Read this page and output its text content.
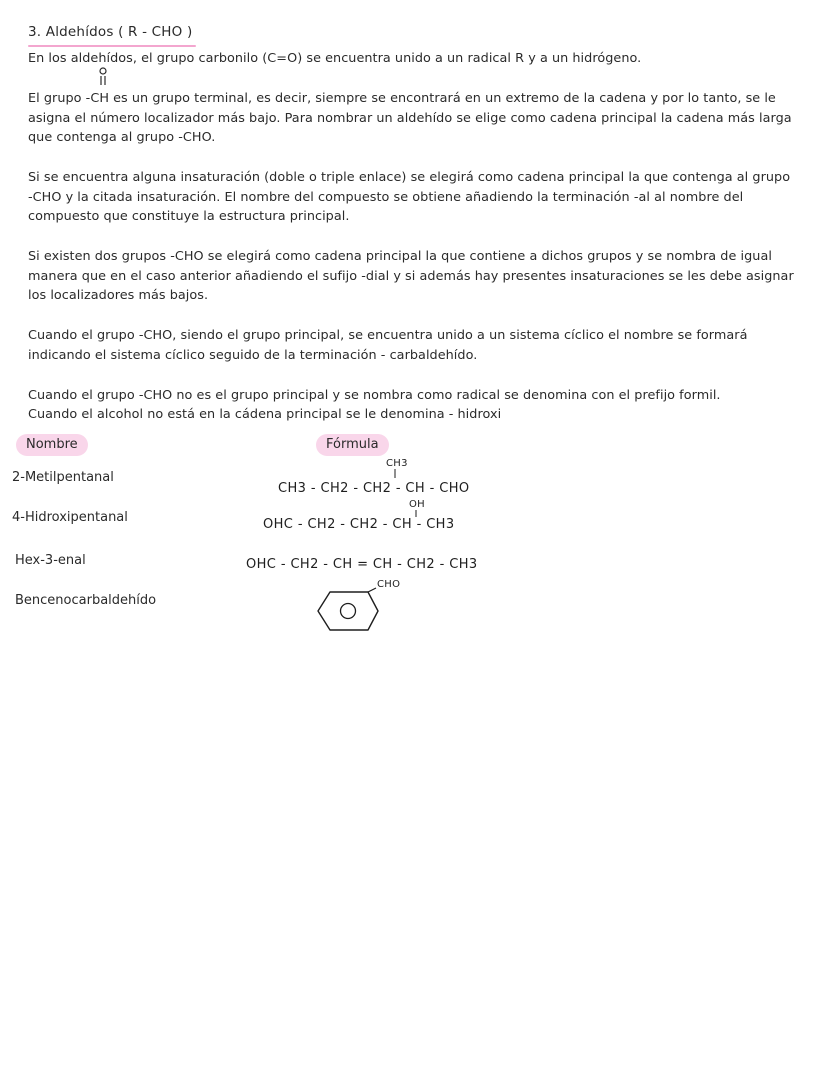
3. Aldehídos ( R - CHO )
En los aldehídos, el grupo carbonilo (C=O) se encuentra unido a un radical R y a un hidrógeno.
El grupo -CH es un grupo terminal, es decir, siempre se encontrará en un extremo de la cadena y por lo tanto, se le asigna el número localizador más bajo. Para nombrar un aldehído se elige como cadena principal la cadena más larga que contenga al grupo -CHO.
Si se encuentra alguna insaturación (doble o triple enlace) se elegirá como cadena principal la que contenga al grupo -CHO y la citada insaturación. El nombre del compuesto se obtiene añadiendo la terminación -al al nombre del compuesto que constituye la estructura principal.
Si existen dos grupos -CHO se elegirá como cadena principal la que contiene a dichos grupos y se nombra de igual manera que en el caso anterior añadiendo el sufijo -dial y si además hay presentes insaturaciones se les debe asignar los localizadores más bajos.
Cuando el grupo -CHO, siendo el grupo principal, se encuentra unido a un sistema cíclico el nombre se formará indicando el sistema cíclico seguido de la terminación - carbaldehído.
Cuando el grupo -CHO no es el grupo principal y se nombra como radical se denomina con el prefijo formil.
Cuando el alcohol no está en la cádena principal se le denomina - hidroxi
Nombre	Fórmula
2-Metilpentanal
4-Hidroxipentanal
Hex-3-enal
Bencenocarbaldehído
CH3
CH3 - CH2 - CH2 - CH - CHO
OH
OHC - CH2 - CH2 - CH - CH3
OHC - CH2 - CH = CH - CH2 - CH3
CHO
